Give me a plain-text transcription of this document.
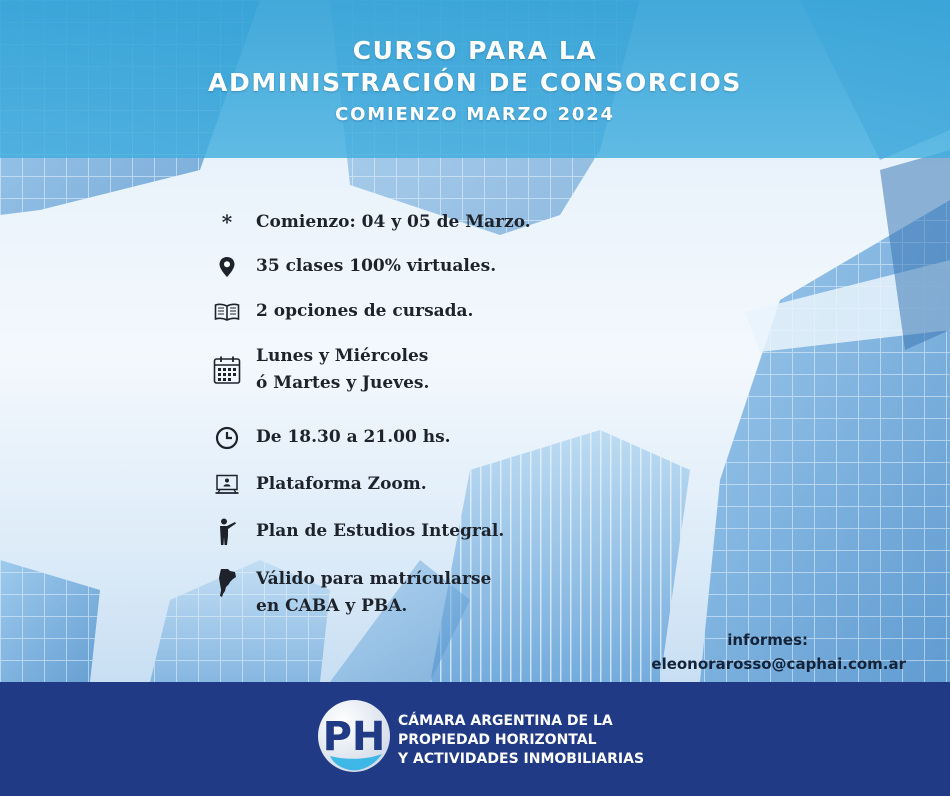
CURSO PARA LA
ADMINISTRACIÓN DE CONSORCIOS
COMIENZO MARZO 2024
*	Comienzo: 04 y 05 de Marzo.
35 clases 100% virtuales.
2 opciones de cursada.
Lunes y Miércoles
ó Martes y Jueves.
De 18.30 a 21.00 hs.
Plataforma Zoom.
Plan de Estudios Integral.
Válido para matrícularse
en CABA y PBA.
informes:
eleonorarosso@caphai.com.ar
PH CÁMARA ARGENTINA DE LA
PROPIEDAD HORIZONTAL
Y ACTIVIDADES INMOBILIARIAS
